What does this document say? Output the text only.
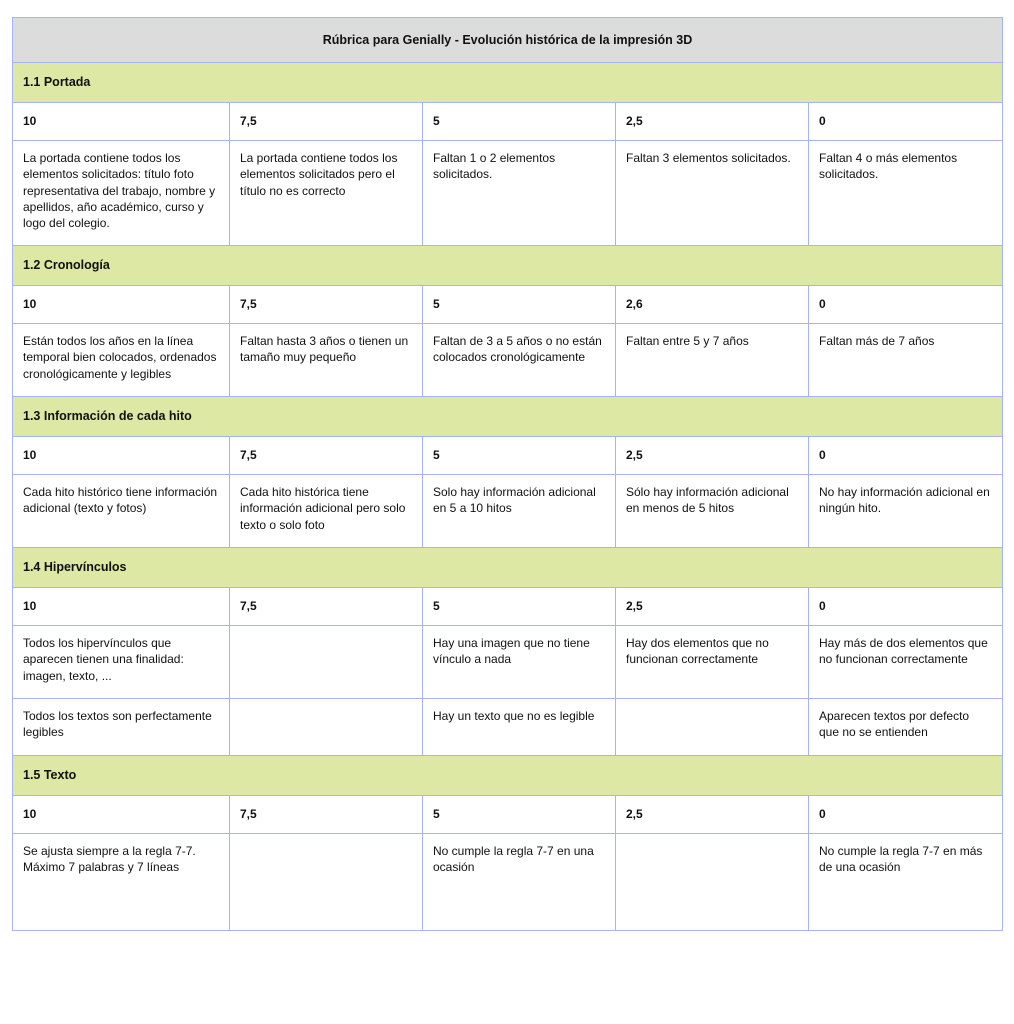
Rúbrica para Genially - Evolución histórica de la impresión 3D				

1.1 Portada				

10	7,5	5	2,5	0

La portada contiene todos los elementos solicitados: título foto representativa del trabajo, nombre y apellidos, año académico, curso y logo del colegio.	La portada contiene todos los elementos solicitados pero el título no es correcto	Faltan 1 o 2 elementos solicitados.	Faltan 3 elementos solicitados.	Faltan 4 o más elementos solicitados.

1.2 Cronología				

10	7,5	5	2,6	0

Están todos los años en la línea temporal bien colocados, ordenados cronológicamente y legibles	Faltan hasta 3 años o tienen un tamaño muy pequeño	Faltan de 3 a 5 años o no están colocados cronológicamente	Faltan entre 5 y 7 años	Faltan más de 7 años

1.3 Información de cada hito				

10	7,5	5	2,5	0

Cada hito histórico tiene información adicional (texto y fotos)	Cada hito histórica tiene información adicional pero solo texto o solo foto	Solo hay información adicional en 5 a 10 hitos	Sólo hay información adicional en menos de 5 hitos	No hay información adicional en ningún hito.

1.4 Hipervínculos				

10	7,5	5	2,5	0

Todos los hipervínculos que aparecen tienen una finalidad: imagen, texto, ...		Hay una imagen que no tiene vínculo a nada	Hay dos elementos que no funcionan correctamente	Hay más de dos elementos que no funcionan correctamente

Todos los textos son perfectamente legibles		Hay un texto que no es legible		Aparecen textos por defecto que no se entienden

1.5 Texto				

10	7,5	5	2,5	0

Se ajusta siempre a la regla 7-7. Máximo 7 palabras y 7 líneas		No cumple la regla 7-7 en una ocasión		No cumple la regla 7-7 en más de una ocasión
